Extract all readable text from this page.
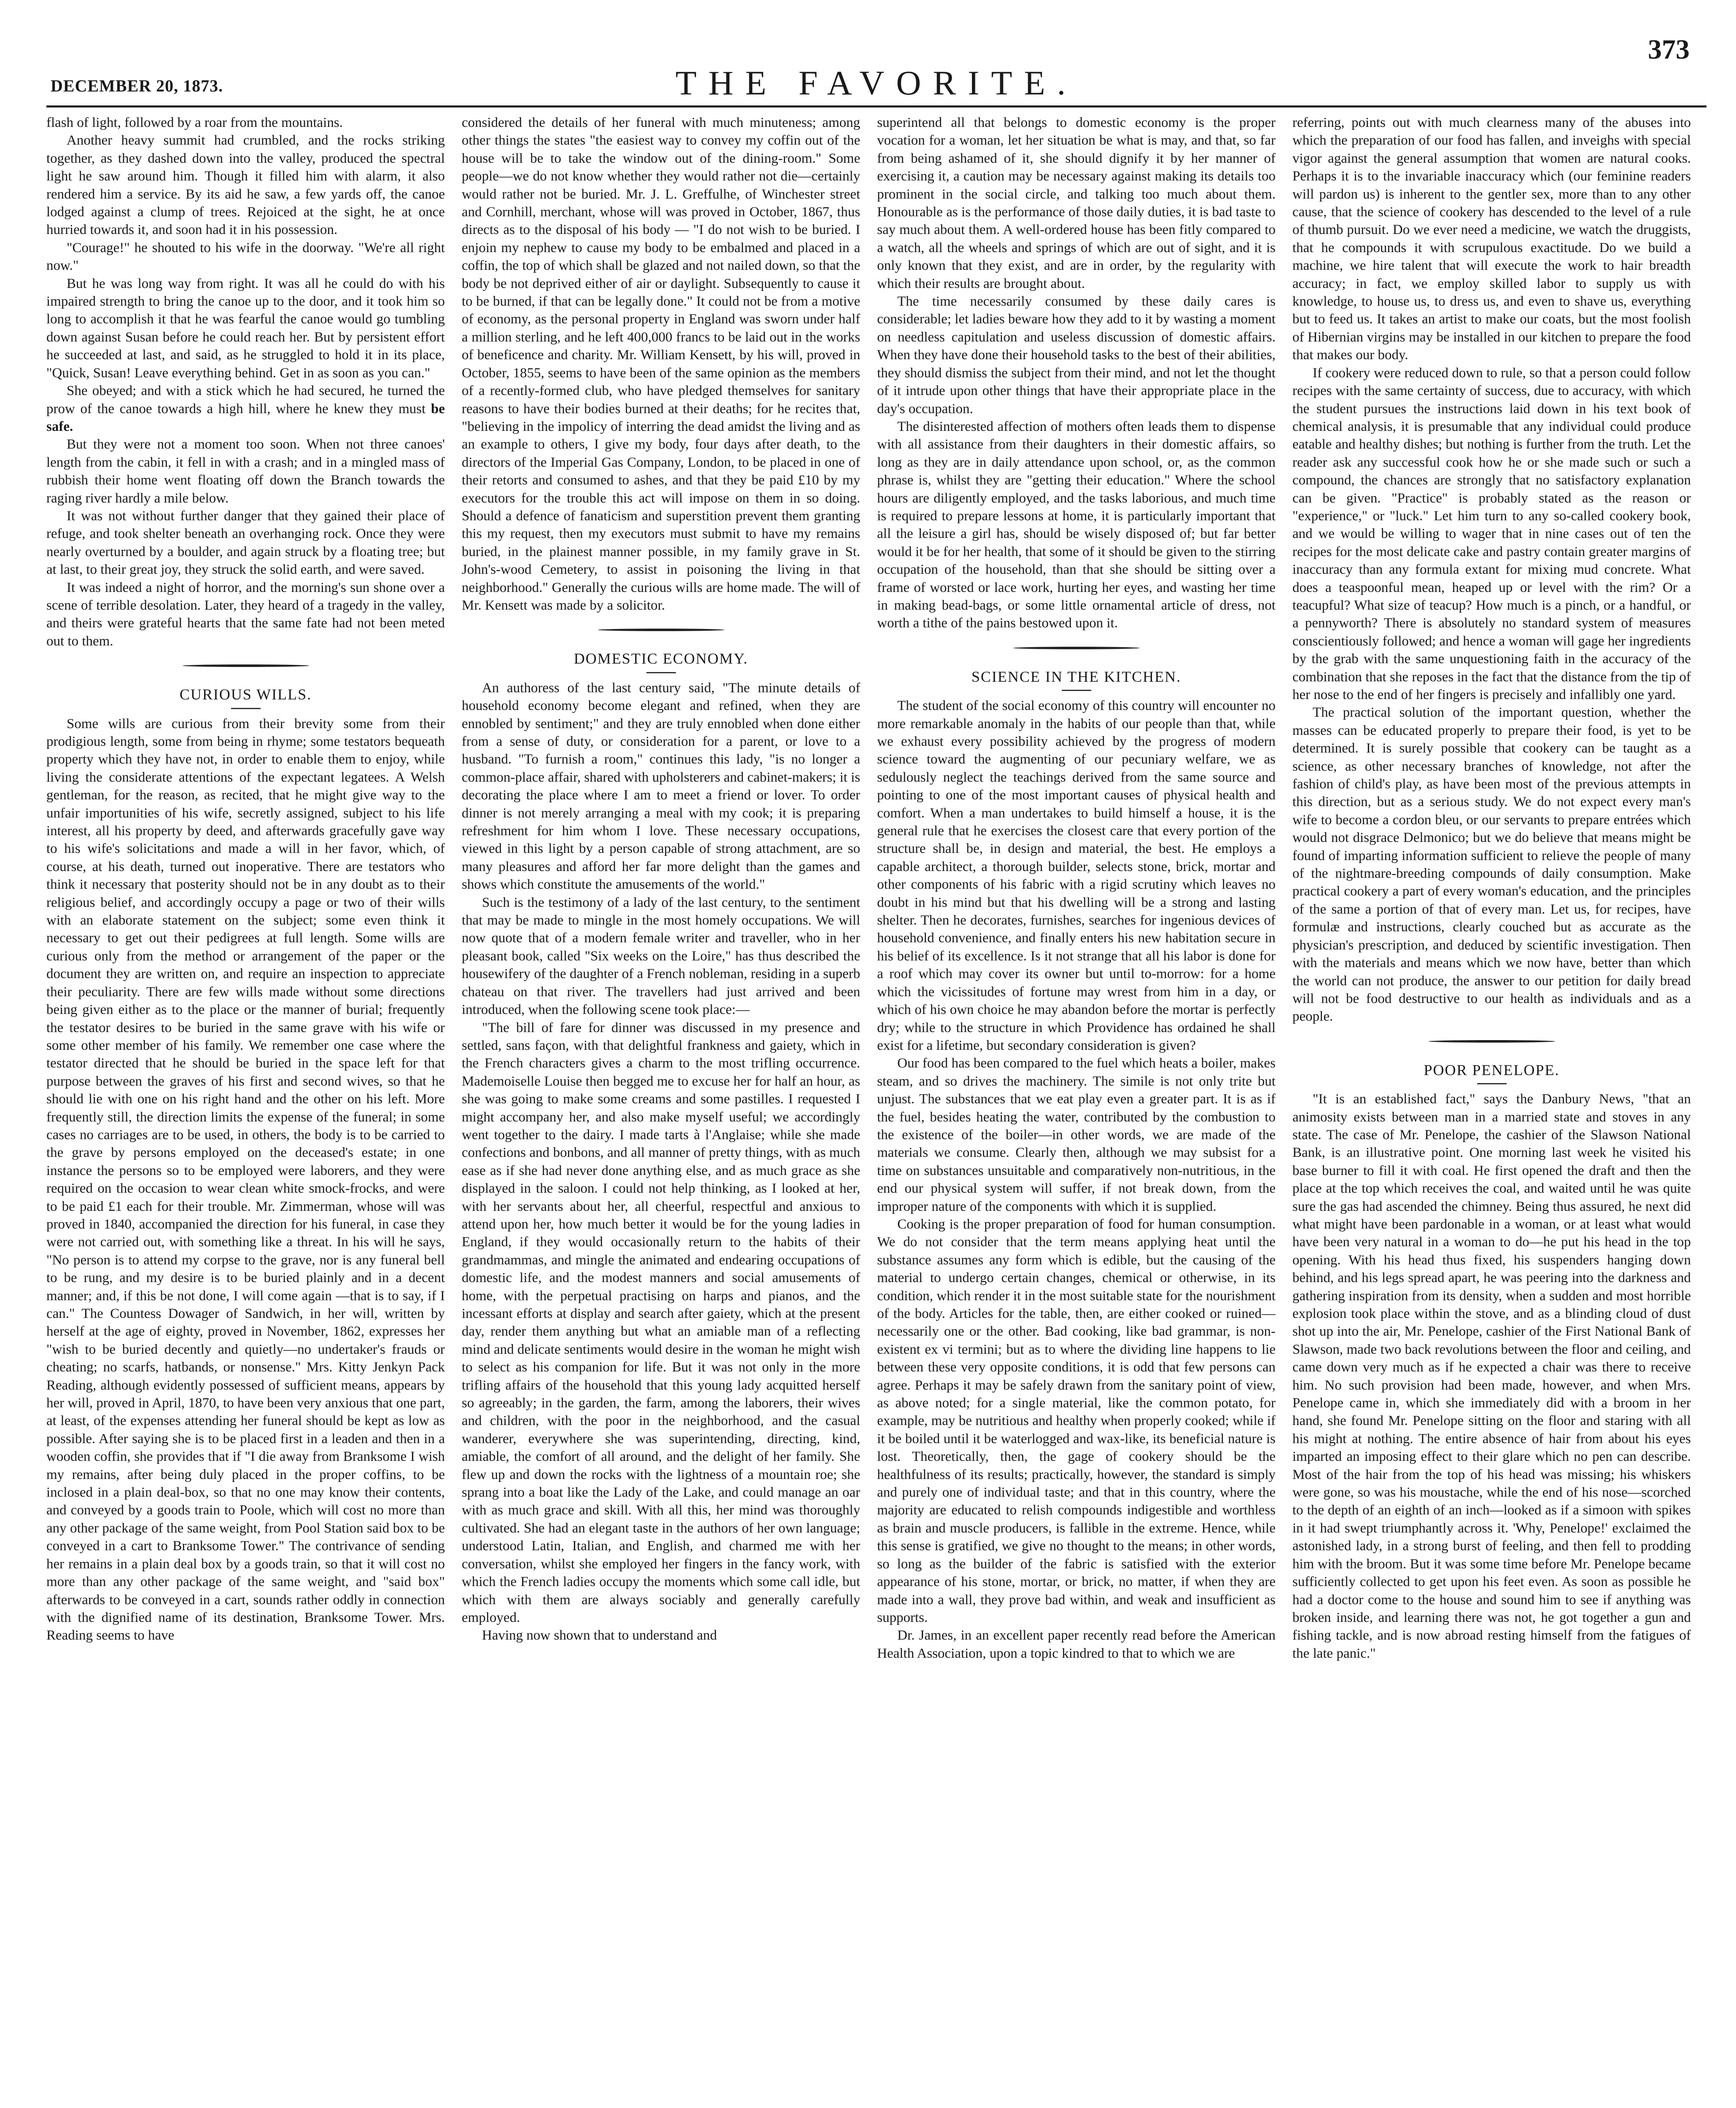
DECEMBER 20, 1873.	THE FAVORITE.
373

flash of light, followed by a roar from the mountains.

Another heavy summit had crumbled, and the rocks striking together, as they dashed down into the valley, produced the spectral light he saw around him. Though it filled him with alarm, it also rendered him a service. By its aid he saw, a few yards off, the canoe lodged against a clump of trees. Rejoiced at the sight, he at once hurried towards it, and soon had it in his possession.

"Courage!" he shouted to his wife in the doorway. "We're all right now."

But he was long way from right. It was all he could do with his impaired strength to bring the canoe up to the door, and it took him so long to accomplish it that he was fearful the canoe would go tumbling down against Susan before he could reach her. But by persistent effort he succeeded at last, and said, as he struggled to hold it in its place, "Quick, Susan! Leave everything behind. Get in as soon as you can."

She obeyed; and with a stick which he had secured, he turned the prow of the canoe towards a high hill, where he knew they must be safe.

But they were not a moment too soon. When not three canoes' length from the cabin, it fell in with a crash; and in a mingled mass of rubbish their home went floating off down the Branch towards the raging river hardly a mile below.

It was not without further danger that they gained their place of refuge, and took shelter beneath an overhanging rock. Once they were nearly overturned by a boulder, and again struck by a floating tree; but at last, to their great joy, they struck the solid earth, and were saved.

It was indeed a night of horror, and the morning's sun shone over a scene of terrible desolation. Later, they heard of a tragedy in the valley, and theirs were grateful hearts that the same fate had not been meted out to them.

CURIOUS WILLS.

Some wills are curious from their brevity some from their prodigious length, some from being in rhyme; some testators bequeath property which they have not, in order to enable them to enjoy, while living the considerate attentions of the expectant legatees. A Welsh gentleman, for the reason, as recited, that he might give way to the unfair importunities of his wife, secretly assigned, subject to his life interest, all his property by deed, and afterwards gracefully gave way to his wife's solicitations and made a will in her favor, which, of course, at his death, turned out inoperative. There are testators who think it necessary that posterity should not be in any doubt as to their religious belief, and accordingly occupy a page or two of their wills with an elaborate statement on the subject; some even think it necessary to get out their pedigrees at full length. Some wills are curious only from the method or arrangement of the paper or the document they are written on, and require an inspection to appreciate their peculiarity. There are few wills made without some directions being given either as to the place or the manner of burial; frequently the testator desires to be buried in the same grave with his wife or some other member of his family. We remember one case where the testator directed that he should be buried in the space left for that purpose between the graves of his first and second wives, so that he should lie with one on his right hand and the other on his left. More frequently still, the direction limits the expense of the funeral; in some cases no carriages are to be used, in others, the body is to be carried to the grave by persons employed on the deceased's estate; in one instance the persons so to be employed were laborers, and they were required on the occasion to wear clean white smock-frocks, and were to be paid £1 each for their trouble. Mr. Zimmerman, whose will was proved in 1840, accompanied the direction for his funeral, in case they were not carried out, with something like a threat. In his will he says, "No person is to attend my corpse to the grave, nor is any funeral bell to be rung, and my desire is to be buried plainly and in a decent manner; and, if this be not done, I will come again —that is to say, if I can." The Countess Dowager of Sandwich, in her will, written by herself at the age of eighty, proved in November, 1862, expresses her "wish to be buried decently and quietly—no undertaker's frauds or cheating; no scarfs, hatbands, or nonsense." Mrs. Kitty Jenkyn Pack Reading, although evidently possessed of sufficient means, appears by her will, proved in April, 1870, to have been very anxious that one part, at least, of the expenses attending her funeral should be kept as low as possible. After saying she is to be placed first in a leaden and then in a wooden coffin, she provides that if "I die away from Branksome I wish my remains, after being duly placed in the proper coffins, to be inclosed in a plain deal-box, so that no one may know their contents, and conveyed by a goods train to Poole, which will cost no more than any other package of the same weight, from Pool Station said box to be conveyed in a cart to Branksome Tower." The contrivance of sending her remains in a plain deal box by a goods train, so that it will cost no more than any other package of the same weight, and "said box" afterwards to be conveyed in a cart, sounds rather oddly in connection with the dignified name of its destination, Branksome Tower. Mrs. Reading seems to have

considered the details of her funeral with much minuteness; among other things the states "the easiest way to convey my coffin out of the house will be to take the window out of the dining-room." Some people—we do not know whether they would rather not die—certainly would rather not be buried. Mr. J. L. Greffulhe, of Winchester street and Cornhill, merchant, whose will was proved in October, 1867, thus directs as to the disposal of his body — "I do not wish to be buried. I enjoin my nephew to cause my body to be embalmed and placed in a coffin, the top of which shall be glazed and not nailed down, so that the body be not deprived either of air or daylight. Subsequently to cause it to be burned, if that can be legally done." It could not be from a motive of economy, as the personal property in England was sworn under half a million sterling, and he left 400,000 francs to be laid out in the works of beneficence and charity. Mr. William Kensett, by his will, proved in October, 1855, seems to have been of the same opinion as the members of a recently-formed club, who have pledged themselves for sanitary reasons to have their bodies burned at their deaths; for he recites that, "believing in the impolicy of interring the dead amidst the living and as an example to others, I give my body, four days after death, to the directors of the Imperial Gas Company, London, to be placed in one of their retorts and consumed to ashes, and that they be paid £10 by my executors for the trouble this act will impose on them in so doing. Should a defence of fanaticism and superstition prevent them granting this my request, then my executors must submit to have my remains buried, in the plainest manner possible, in my family grave in St. John's-wood Cemetery, to assist in poisoning the living in that neighborhood." Generally the curious wills are home made. The will of Mr. Kensett was made by a solicitor.

DOMESTIC ECONOMY.

An authoress of the last century said, "The minute details of household economy become elegant and refined, when they are ennobled by sentiment;" and they are truly ennobled when done either from a sense of duty, or consideration for a parent, or love to a husband. "To furnish a room," continues this lady, "is no longer a common-place affair, shared with upholsterers and cabinet-makers; it is decorating the place where I am to meet a friend or lover. To order dinner is not merely arranging a meal with my cook; it is preparing refreshment for him whom I love. These necessary occupations, viewed in this light by a person capable of strong attachment, are so many pleasures and afford her far more delight than the games and shows which constitute the amusements of the world."

Such is the testimony of a lady of the last century, to the sentiment that may be made to mingle in the most homely occupations. We will now quote that of a modern female writer and traveller, who in her pleasant book, called "Six weeks on the Loire," has thus described the housewifery of the daughter of a French nobleman, residing in a superb chateau on that river. The travellers had just arrived and been introduced, when the following scene took place:—

"The bill of fare for dinner was discussed in my presence and settled, sans façon, with that delightful frankness and gaiety, which in the French characters gives a charm to the most trifling occurrence. Mademoiselle Louise then begged me to excuse her for half an hour, as she was going to make some creams and some pastilles. I requested I might accompany her, and also make myself useful; we accordingly went together to the dairy. I made tarts à l'Anglaise; while she made confections and bonbons, and all manner of pretty things, with as much ease as if she had never done anything else, and as much grace as she displayed in the saloon. I could not help thinking, as I looked at her, with her servants about her, all cheerful, respectful and anxious to attend upon her, how much better it would be for the young ladies in England, if they would occasionally return to the habits of their grandmammas, and mingle the animated and endearing occupations of domestic life, and the modest manners and social amusements of home, with the perpetual practising on harps and pianos, and the incessant efforts at display and search after gaiety, which at the present day, render them anything but what an amiable man of a reflecting mind and delicate sentiments would desire in the woman he might wish to select as his companion for life. But it was not only in the more trifling affairs of the household that this young lady acquitted herself so agreeably; in the garden, the farm, among the laborers, their wives and children, with the poor in the neighborhood, and the casual wanderer, everywhere she was superintending, directing, kind, amiable, the comfort of all around, and the delight of her family. She flew up and down the rocks with the lightness of a mountain roe; she sprang into a boat like the Lady of the Lake, and could manage an oar with as much grace and skill. With all this, her mind was thoroughly cultivated. She had an elegant taste in the authors of her own language; understood Latin, Italian, and English, and charmed me with her conversation, whilst she employed her fingers in the fancy work, with which the French ladies occupy the moments which some call idle, but which with them are always sociably and generally carefully employed.

Having now shown that to understand and

superintend all that belongs to domestic economy is the proper vocation for a woman, let her situation be what is may, and that, so far from being ashamed of it, she should dignify it by her manner of exercising it, a caution may be necessary against making its details too prominent in the social circle, and talking too much about them. Honourable as is the performance of those daily duties, it is bad taste to say much about them. A well-ordered house has been fitly compared to a watch, all the wheels and springs of which are out of sight, and it is only known that they exist, and are in order, by the regularity with which their results are brought about.

The time necessarily consumed by these daily cares is considerable; let ladies beware how they add to it by wasting a moment on needless capitulation and useless discussion of domestic affairs. When they have done their household tasks to the best of their abilities, they should dismiss the subject from their mind, and not let the thought of it intrude upon other things that have their appropriate place in the day's occupation.

The disinterested affection of mothers often leads them to dispense with all assistance from their daughters in their domestic affairs, so long as they are in daily attendance upon school, or, as the common phrase is, whilst they are "getting their education." Where the school hours are diligently employed, and the tasks laborious, and much time is required to prepare lessons at home, it is particularly important that all the leisure a girl has, should be wisely disposed of; but far better would it be for her health, that some of it should be given to the stirring occupation of the household, than that she should be sitting over a frame of worsted or lace work, hurting her eyes, and wasting her time in making bead-bags, or some little ornamental article of dress, not worth a tithe of the pains bestowed upon it.

SCIENCE IN THE KITCHEN.

The student of the social economy of this country will encounter no more remarkable anomaly in the habits of our people than that, while we exhaust every possibility achieved by the progress of modern science toward the augmenting of our pecuniary welfare, we as sedulously neglect the teachings derived from the same source and pointing to one of the most important causes of physical health and comfort. When a man undertakes to build himself a house, it is the general rule that he exercises the closest care that every portion of the structure shall be, in design and material, the best. He employs a capable architect, a thorough builder, selects stone, brick, mortar and other components of his fabric with a rigid scrutiny which leaves no doubt in his mind but that his dwelling will be a strong and lasting shelter. Then he decorates, furnishes, searches for ingenious devices of household convenience, and finally enters his new habitation secure in his belief of its excellence. Is it not strange that all his labor is done for a roof which may cover its owner but until to-morrow: for a home which the vicissitudes of fortune may wrest from him in a day, or which of his own choice he may abandon before the mortar is perfectly dry; while to the structure in which Providence has ordained he shall exist for a lifetime, but secondary consideration is given?

Our food has been compared to the fuel which heats a boiler, makes steam, and so drives the machinery. The simile is not only trite but unjust. The substances that we eat play even a greater part. It is as if the fuel, besides heating the water, contributed by the combustion to the existence of the boiler—in other words, we are made of the materials we consume. Clearly then, although we may subsist for a time on substances unsuitable and comparatively non-nutritious, in the end our physical system will suffer, if not break down, from the improper nature of the components with which it is supplied.

Cooking is the proper preparation of food for human consumption. We do not consider that the term means applying heat until the substance assumes any form which is edible, but the causing of the material to undergo certain changes, chemical or otherwise, in its condition, which render it in the most suitable state for the nourishment of the body. Articles for the table, then, are either cooked or ruined—necessarily one or the other. Bad cooking, like bad grammar, is non-existent ex vi termini; but as to where the dividing line happens to lie between these very opposite conditions, it is odd that few persons can agree. Perhaps it may be safely drawn from the sanitary point of view, as above noted; for a single material, like the common potato, for example, may be nutritious and healthy when properly cooked; while if it be boiled until it be waterlogged and wax-like, its beneficial nature is lost. Theoretically, then, the gage of cookery should be the healthfulness of its results; practically, however, the standard is simply and purely one of individual taste; and that in this country, where the majority are educated to relish compounds indigestible and worthless as brain and muscle producers, is fallible in the extreme. Hence, while this sense is gratified, we give no thought to the means; in other words, so long as the builder of the fabric is satisfied with the exterior appearance of his stone, mortar, or brick, no matter, if when they are made into a wall, they prove bad within, and weak and insufficient as supports.

Dr. James, in an excellent paper recently read before the American Health Association, upon a topic kindred to that to which we are

referring, points out with much clearness many of the abuses into which the preparation of our food has fallen, and inveighs with special vigor against the general assumption that women are natural cooks. Perhaps it is to the invariable inaccuracy which (our feminine readers will pardon us) is inherent to the gentler sex, more than to any other cause, that the science of cookery has descended to the level of a rule of thumb pursuit. Do we ever need a medicine, we watch the druggists, that he compounds it with scrupulous exactitude. Do we build a machine, we hire talent that will execute the work to hair breadth accuracy; in fact, we employ skilled labor to supply us with knowledge, to house us, to dress us, and even to shave us, everything but to feed us. It takes an artist to make our coats, but the most foolish of Hibernian virgins may be installed in our kitchen to prepare the food that makes our body.

If cookery were reduced down to rule, so that a person could follow recipes with the same certainty of success, due to accuracy, with which the student pursues the instructions laid down in his text book of chemical analysis, it is presumable that any individual could produce eatable and healthy dishes; but nothing is further from the truth. Let the reader ask any successful cook how he or she made such or such a compound, the chances are strongly that no satisfactory explanation can be given. "Practice" is probably stated as the reason or "experience," or "luck." Let him turn to any so-called cookery book, and we would be willing to wager that in nine cases out of ten the recipes for the most delicate cake and pastry contain greater margins of inaccuracy than any formula extant for mixing mud concrete. What does a teaspoonful mean, heaped up or level with the rim? Or a teacupful? What size of teacup? How much is a pinch, or a handful, or a pennyworth? There is absolutely no standard system of measures conscientiously followed; and hence a woman will gage her ingredients by the grab with the same unquestioning faith in the accuracy of the combination that she reposes in the fact that the distance from the tip of her nose to the end of her fingers is precisely and infallibly one yard.

The practical solution of the important question, whether the masses can be educated properly to prepare their food, is yet to be determined. It is surely possible that cookery can be taught as a science, as other necessary branches of knowledge, not after the fashion of child's play, as have been most of the previous attempts in this direction, but as a serious study. We do not expect every man's wife to become a cordon bleu, or our servants to prepare entrées which would not disgrace Delmonico; but we do believe that means might be found of imparting information sufficient to relieve the people of many of the nightmare-breeding compounds of daily consumption. Make practical cookery a part of every woman's education, and the principles of the same a portion of that of every man. Let us, for recipes, have formulæ and instructions, clearly couched but as accurate as the physician's prescription, and deduced by scientific investigation. Then with the materials and means which we now have, better than which the world can not produce, the answer to our petition for daily bread will not be food destructive to our health as individuals and as a people.

POOR PENELOPE.

"It is an established fact," says the Danbury News, "that an animosity exists between man in a married state and stoves in any state. The case of Mr. Penelope, the cashier of the Slawson National Bank, is an illustrative point. One morning last week he visited his base burner to fill it with coal. He first opened the draft and then the place at the top which receives the coal, and waited until he was quite sure the gas had ascended the chimney. Being thus assured, he next did what might have been pardonable in a woman, or at least what would have been very natural in a woman to do—he put his head in the top opening. With his head thus fixed, his suspenders hanging down behind, and his legs spread apart, he was peering into the darkness and gathering inspiration from its density, when a sudden and most horrible explosion took place within the stove, and as a blinding cloud of dust shot up into the air, Mr. Penelope, cashier of the First National Bank of Slawson, made two back revolutions between the floor and ceiling, and came down very much as if he expected a chair was there to receive him. No such provision had been made, however, and when Mrs. Penelope came in, which she immediately did with a broom in her hand, she found Mr. Penelope sitting on the floor and staring with all his might at nothing. The entire absence of hair from about his eyes imparted an imposing effect to their glare which no pen can describe. Most of the hair from the top of his head was missing; his whiskers were gone, so was his moustache, while the end of his nose—scorched to the depth of an eighth of an inch—looked as if a simoon with spikes in it had swept triumphantly across it. 'Why, Penelope!' exclaimed the astonished lady, in a strong burst of feeling, and then fell to prodding him with the broom. But it was some time before Mr. Penelope became sufficiently collected to get upon his feet even. As soon as possible he had a doctor come to the house and sound him to see if anything was broken inside, and learning there was not, he got together a gun and fishing tackle, and is now abroad resting himself from the fatigues of the late panic."
